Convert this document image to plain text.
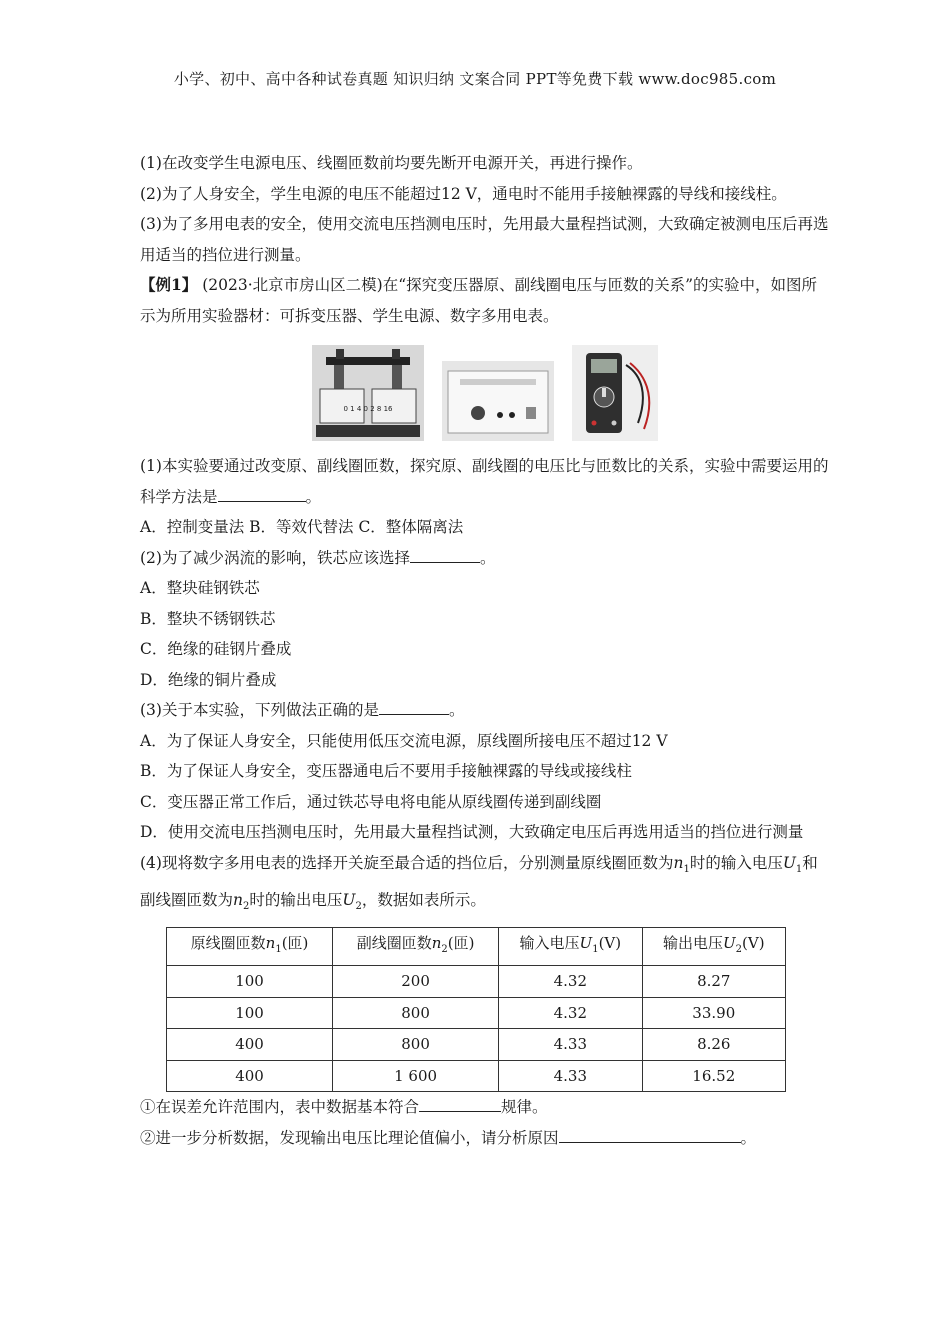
小学、初中、高中各种试卷真题 知识归纳 文案合同 PPT等免费下载 www.doc985.com

(1)在改变学生电源电压、线圈匝数前均要先断开电源开关，再进行操作。

(2)为了人身安全，学生电源的电压不能超过12 V，通电时不能用手接触裸露的导线和接线柱。

(3)为了多用电表的安全，使用交流电压挡测电压时，先用最大量程挡试测，大致确定被测电压后再选用适当的挡位进行测量。

【例1】 (2023·北京市房山区二模)在“探究变压器原、副线圈电压与匝数的关系”的实验中，如图所示为所用实验器材：可拆变压器、学生电源、数字多用电表。

0 1 4 0 2 8 16

(1)本实验要通过改变原、副线圈匝数，探究原、副线圈的电压比与匝数比的关系，实验中需要运用的科学方法是	。

A．控制变量法 B．等效代替法 C．整体隔离法

(2)为了减少涡流的影响，铁芯应该选择	。

A．整块硅钢铁芯

B．整块不锈钢铁芯

C．绝缘的硅钢片叠成

D．绝缘的铜片叠成

(3)关于本实验，下列做法正确的是	。

A．为了保证人身安全，只能使用低压交流电源，原线圈所接电压不超过12 V

B．为了保证人身安全，变压器通电后不要用手接触裸露的导线或接线柱

C．变压器正常工作后，通过铁芯导电将电能从原线圈传递到副线圈

D．使用交流电压挡测电压时，先用最大量程挡试测，大致确定电压后再选用适当的挡位进行测量

(4)现将数字多用电表的选择开关旋至最合适的挡位后，分别测量原线圈匝数为$n_1$时的输入电压$U_1$和副线圈匝数为$n_2$时的输出电压$U_2$，数据如表所示。

原线圈匝数$n_1$(匝)	副线圈匝数$n_2$(匝)	输入电压$U_1(V)$	输出电压$U_2(V)$
100	200	4.32	8.27
100	800	4.32	33.90
400	800	4.33	8.26
400	1 600	4.33	16.52

①在误差允许范围内，表中数据基本符合	规律。

②进一步分析数据，发现输出电压比理论值偏小，请分析原因	。
